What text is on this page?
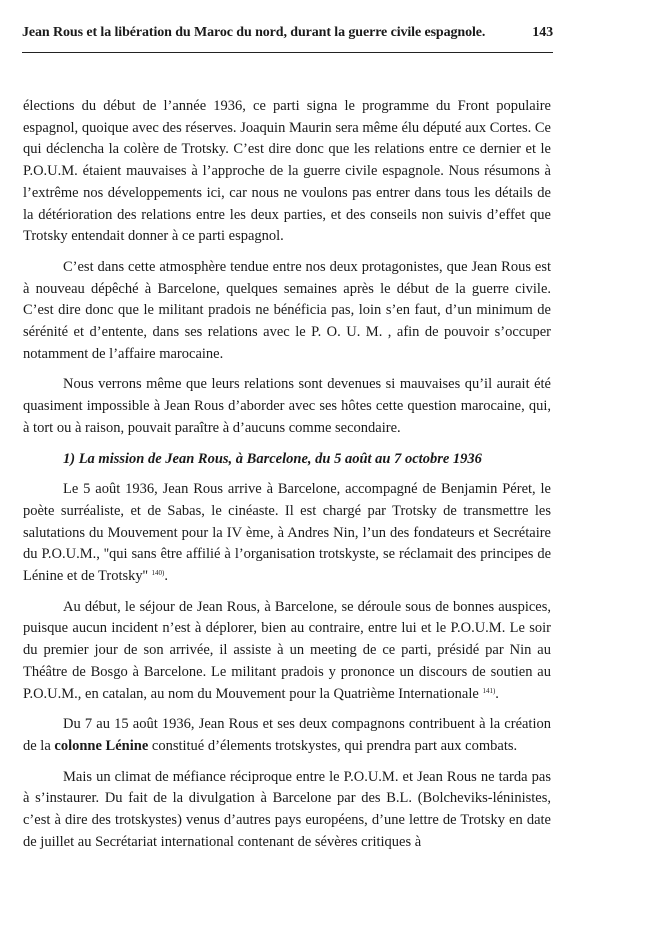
Jean Rous et la libération du Maroc du nord, durant la guerre civile espagnole.	143

élections du début de l’année 1936, ce parti signa le programme du Front populaire espagnol, quoique avec des réserves. Joaquin Maurin sera même élu député aux Cortes. Ce qui déclencha la colère de Trotsky. C’est dire donc que les relations entre ce dernier et le P.O.U.M. étaient mauvaises à l’approche de la guerre civile espagnole. Nous résumons à l’extrême nos développements ici, car nous ne voulons pas entrer dans tous les détails de la détérioration des relations entre les deux parties, et des conseils non suivis d’effet que Trotsky entendait donner à ce parti espagnol.

C’est dans cette atmosphère tendue entre nos deux protagonistes, que Jean Rous est à nouveau dépêché à Barcelone, quelques semaines après le début de la guerre civile. C’est dire donc que le militant pradois ne bénéficia pas, loin s’en faut, d’un minimum de sérénité et d’entente, dans ses relations avec le P. O. U. M. , afin de pouvoir s’occuper notamment de l’affaire marocaine.

Nous verrons même que leurs relations sont devenues si mauvaises qu’il aurait été quasiment impossible à Jean Rous d’aborder avec ses hôtes cette question marocaine, qui, à tort ou à raison, pouvait paraître à d’aucuns comme secondaire.

1) La mission de Jean Rous, à Barcelone, du 5 août au 7 octobre 1936

Le 5 août 1936, Jean Rous arrive à Barcelone, accompagné de Benjamin Péret, le poète surréaliste, et de Sabas, le cinéaste. Il est chargé par Trotsky de transmettre les salutations du Mouvement pour la IV ème, à Andres Nin, l’un des fondateurs et Secrétaire du P.O.U.M., ''qui sans être affilié à l’organisation trotskyste, se réclamait des principes de Lénine et de Trotsky'' $^{140)}$.

Au début, le séjour de Jean Rous, à Barcelone, se déroule sous de bonnes auspices, puisque aucun incident n’est à déplorer, bien au contraire, entre lui et le P.O.U.M. Le soir du premier jour de son arrivée, il assiste à un meeting de ce parti, présidé par Nin au Théâtre de Bosgo à Barcelone. Le militant pradois y prononce un discours de soutien au P.O.U.M., en catalan, au nom du Mouvement pour la Quatrième Internationale $^{141)}$.

Du 7 au 15 août 1936, Jean Rous et ses deux compagnons contribuent à la création de la colonne Lénine constitué d’élements trotskystes, qui prendra part aux combats.

Mais un climat de méfiance réciproque entre le P.O.U.M. et Jean Rous ne tarda pas à s’instaurer. Du fait de la divulgation à Barcelone par des B.L. (Bolcheviks-léninistes, c’est à dire des trotskystes) venus d’autres pays européens, d’une lettre de Trotsky en date de juillet au Secrétariat international contenant de sévères critiques à
